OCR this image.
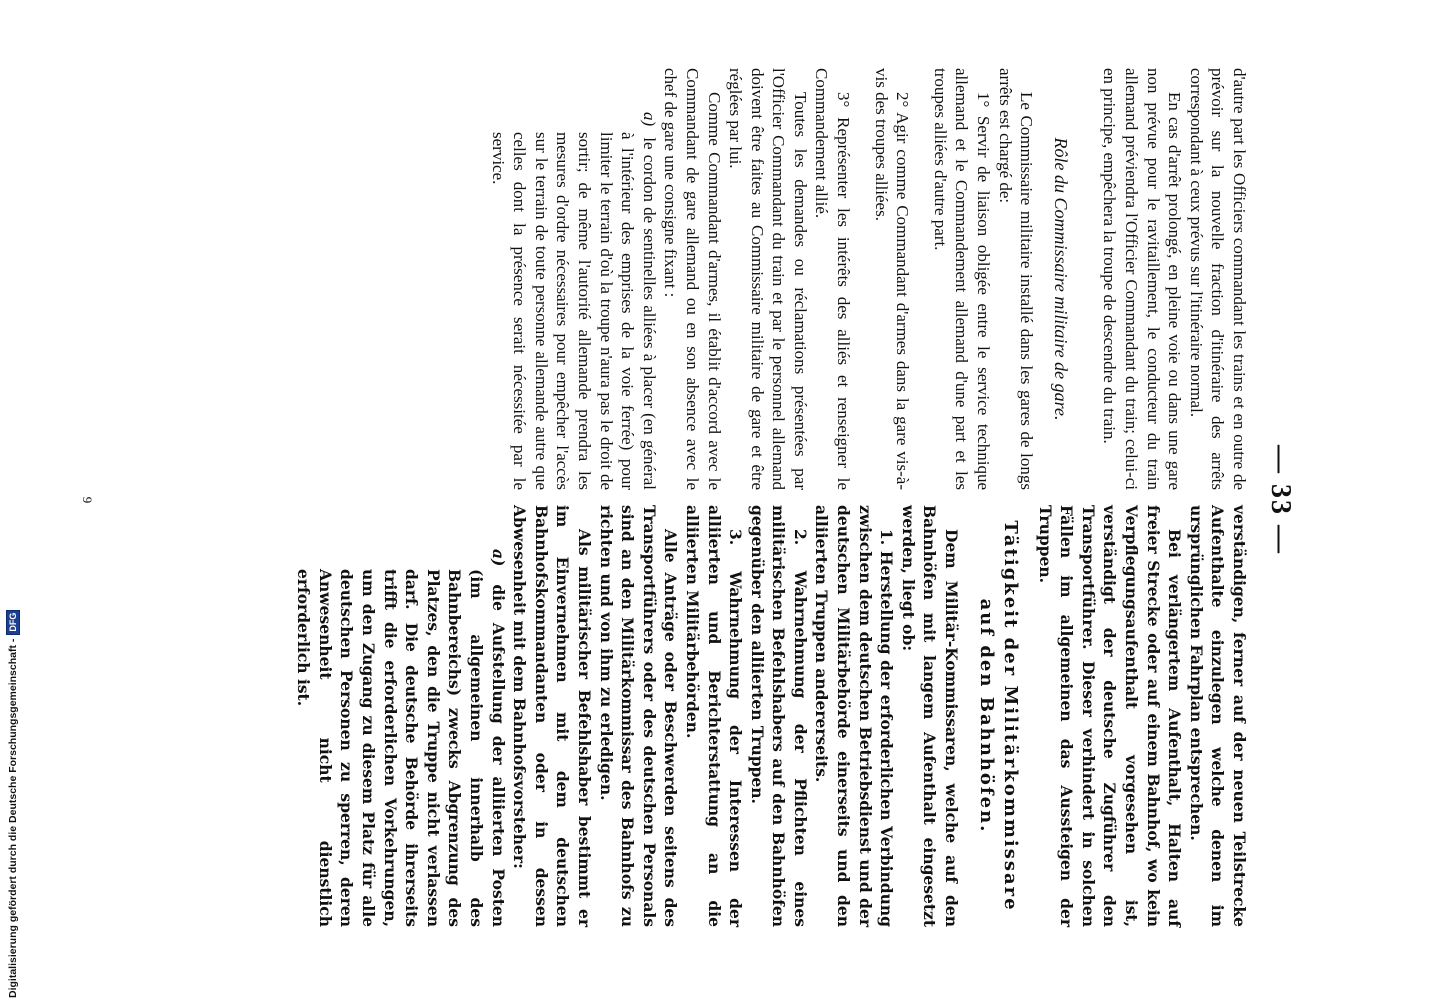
— 33 —

d'autre part les Officiers commandant les trains et en outre de prévoir sur la nouvelle fraction d'itinéraire des arrêts correspondant à ceux prévus sur l'itinéraire normal.

En cas d'arrêt prolongé, en pleine voie ou dans une gare non prévue pour le ravitaillement, le conducteur du train allemand préviendra l'Officier Commandant du train; celui-ci en principe, empêchera la troupe de descendre du train.

Rôle du Commissaire militaire de gare.

Le Commissaire militaire installé dans les gares de longs arrêts est chargé de:

1° Servir de liaison obligée entre le service technique allemand et le Commandement allemand d'une part et les troupes alliées d'autre part.

2° Agir comme Commandant d'armes dans la gare vis-à-vis des troupes alliées.

3° Représenter les intérêts des alliés et renseigner le Commandement allié.

Toutes les demandes ou réclamations présentées par l'Officier Commandant du train et par le personnel allemand doivent être faites au Commissaire militaire de gare et être réglées par lui.

Comme Commandant d'armes, il établit d'accord avec le Commandant de gare allemand ou en son absence avec le chef de gare une consigne fixant :

a) le cordon de sentinelles alliées à placer (en général à l'intérieur des emprises de la voie ferrée) pour limiter le terrain d'où la troupe n'aura pas le droit de sortir; de même l'autorité allemande prendra les mesures d'ordre nécessaires pour empêcher l'accès sur le terrain de toute personne allemande autre que celles dont la présence serait nécessitée par le service.

verständigen, ferner auf der neuen Teilstrecke Aufenthalte einzulegen welche denen im ursprünglichen Fahrplan entsprechen.

Bei verlängertem Aufenthalt, Halten auf freier Strecke oder auf einem Bahnhof, wo kein Verpflegungsaufenthalt vorgesehen ist, verständigt der deutsche Zugführer den Transportführer. Dieser verhindert in solchen Fällen im allgemeinen das Aussteigen der Truppen.

Tätigkeit der Militärkommissare
auf den Bahnhöfen.

Dem Militär-Kommissaren, welche auf den Bahnhöfen mit langem Aufenthalt eingesetzt werden, liegt ob:

1. Herstellung der erforderlichen Verbindung zwischen dem deutschen Betriebsdienst und der deutschen Militärbehörde einerseits und den alliierten Truppen andererseits.

2. Wahrnehmung der Pflichten eines militärischen Befehlshabers auf den Bahnhöfen gegenüber den alliierten Truppen.

3. Wahrnehmung der Interessen der alliierten und Berichterstattung an die alliierten Militärbehörden.

Alle Anträge oder Beschwerden seitens des Transportführers oder des deutschen Personals sind an den Militärkommissar des Bahnhofs zu richten und von ihm zu erledigen.

Als militärischer Befehlshaber bestimmt er im Einvernehmen mit dem deutschen Bahnhofskommandanten oder in dessen Abwesenheit mit dem Bahnhofsvorsteher:

a) die Aufstellung der alliierten Posten (im allgemeinen innerhalb des Bahnbereichs) zwecks Abgrenzung des Platzes, den die Truppe nicht verlassen darf. Die deutsche Behörde ihrerseits trifft die erforderlichen Vorkehrungen, um den Zugang zu diesem Platz für alle deutschen Personen zu sperren, deren Anwesenheit nicht dienstlich erforderlich ist.

9
Digitalisierung gefördert durch die Deutsche Forschungsgemeinschaft -
DFG
